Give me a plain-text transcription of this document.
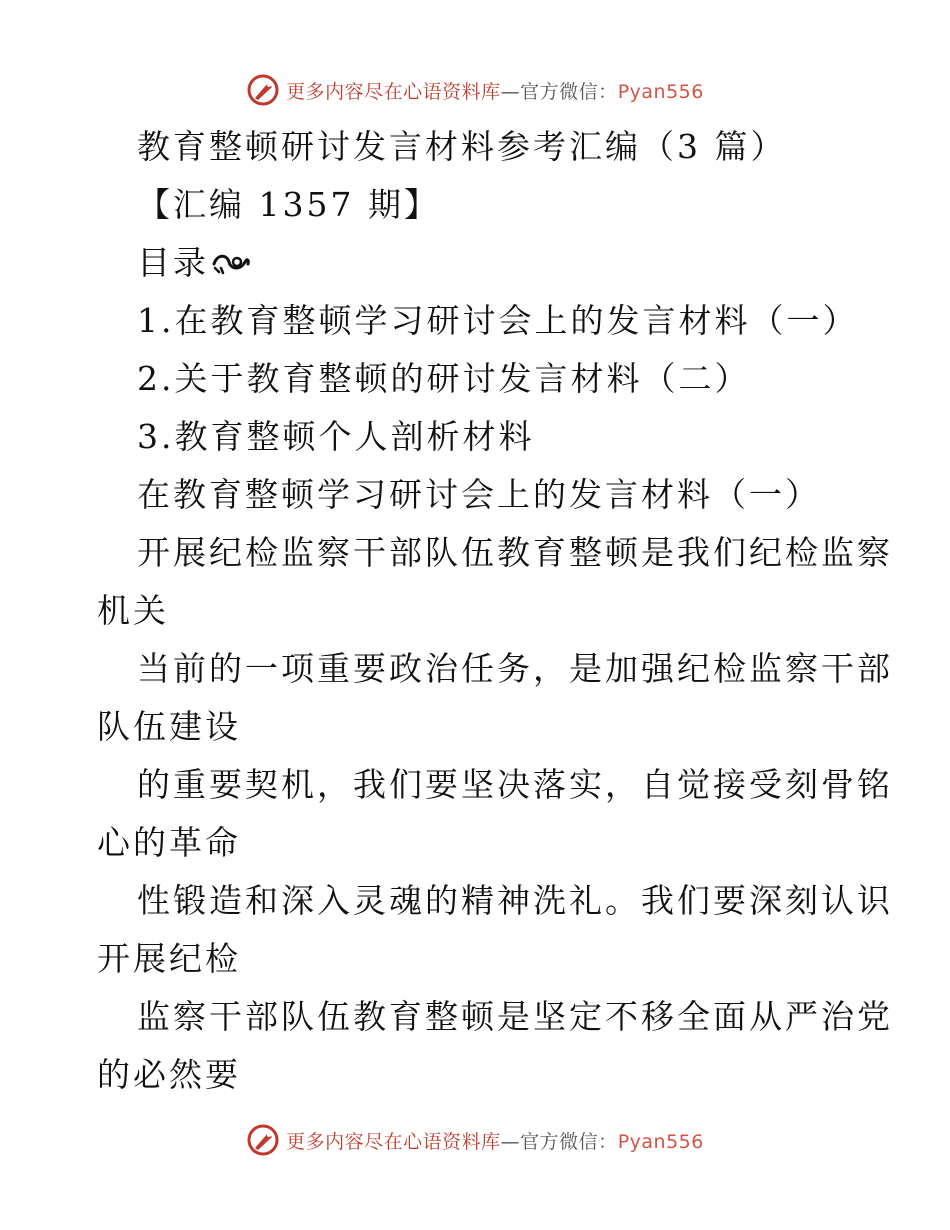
更多内容尽在心语资料库—官方微信：Pyan556
教育整顿研讨发言材料参考汇编（3 篇）
【汇编 1357 期】
目录
1.在教育整顿学习研讨会上的发言材料（一）
2.关于教育整顿的研讨发言材料（二）
3.教育整顿个人剖析材料
在教育整顿学习研讨会上的发言材料（一）
开展纪检监察干部队伍教育整顿是我们纪检监察
机关
当前的一项重要政治任务，是加强纪检监察干部
队伍建设
的重要契机，我们要坚决落实，自觉接受刻骨铭
心的革命
性锻造和深入灵魂的精神洗礼。我们要深刻认识
开展纪检
监察干部队伍教育整顿是坚定不移全面从严治党
的必然要
更多内容尽在心语资料库—官方微信：Pyan556
